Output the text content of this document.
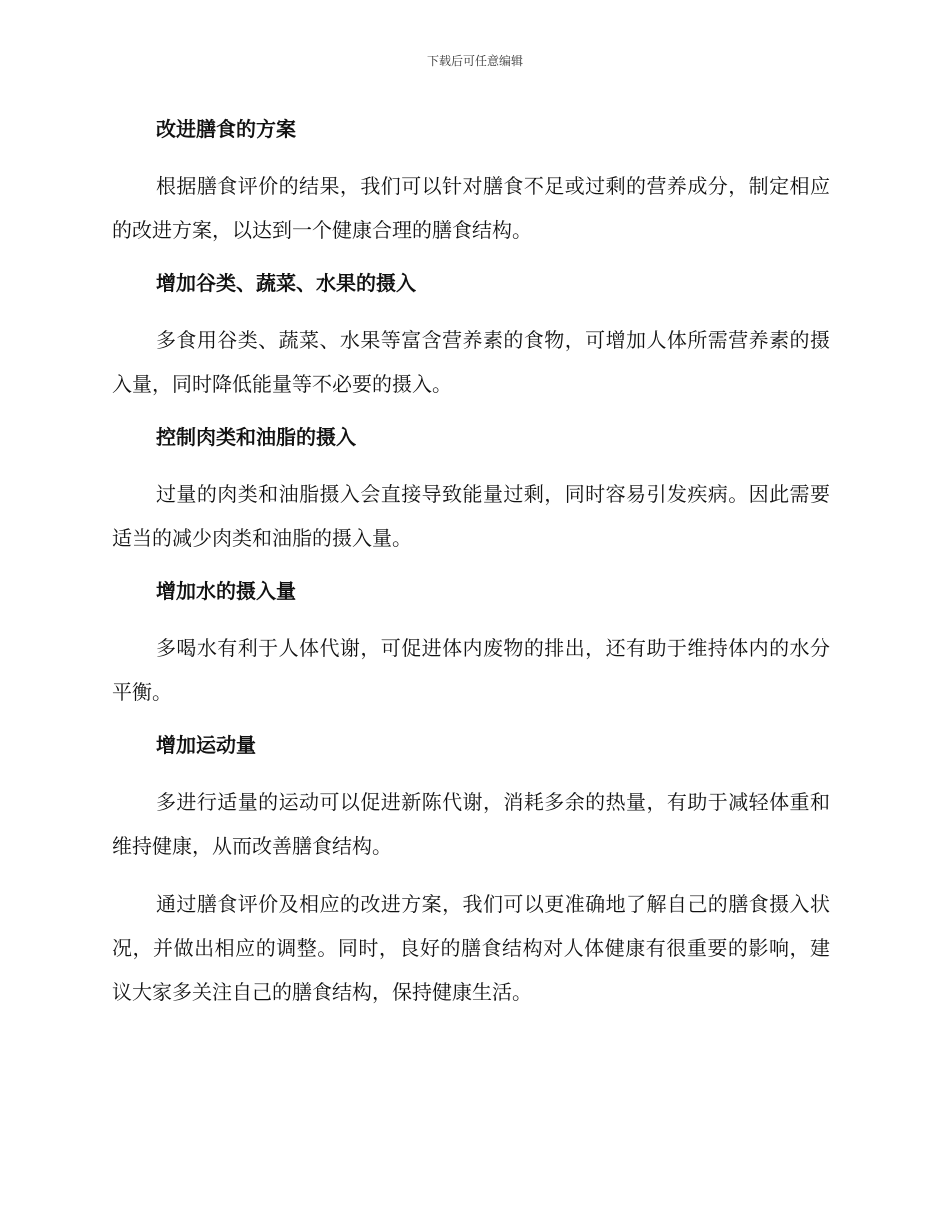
下载后可任意编辑
改进膳食的方案

根据膳食评价的结果，我们可以针对膳食不足或过剩的营养成分，制定相应的改进方案，以达到一个健康合理的膳食结构。

增加谷类、蔬菜、水果的摄入

多食用谷类、蔬菜、水果等富含营养素的食物，可增加人体所需营养素的摄入量，同时降低能量等不必要的摄入。

控制肉类和油脂的摄入

过量的肉类和油脂摄入会直接导致能量过剩，同时容易引发疾病。因此需要适当的减少肉类和油脂的摄入量。

增加水的摄入量

多喝水有利于人体代谢，可促进体内废物的排出，还有助于维持体内的水分平衡。

增加运动量

多进行适量的运动可以促进新陈代谢，消耗多余的热量，有助于减轻体重和维持健康，从而改善膳食结构。

通过膳食评价及相应的改进方案，我们可以更准确地了解自己的膳食摄入状况，并做出相应的调整。同时，良好的膳食结构对人体健康有很重要的影响，建议大家多关注自己的膳食结构，保持健康生活。
